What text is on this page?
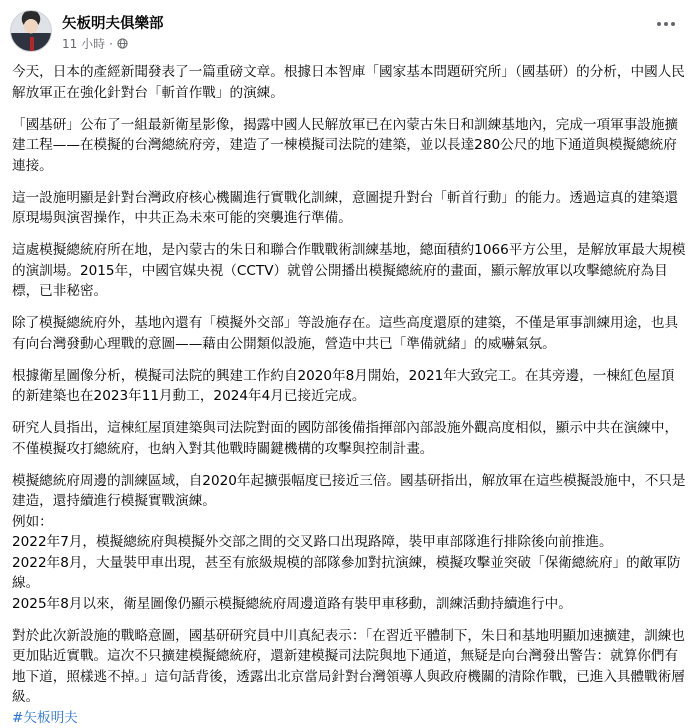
矢板明夫俱樂部
11 小時 ·

今天，日本的產經新聞發表了一篇重磅文章。根據日本智庫「國家基本問題研究所」（國基研）的分析，中國人民解放軍正在強化針對台「斬首作戰」的演練。

「國基研」公布了一組最新衛星影像，揭露中國人民解放軍已在內蒙古朱日和訓練基地內，完成一項軍事設施擴建工程——在模擬的台灣總統府旁，建造了一棟模擬司法院的建築，並以長達280公尺的地下通道與模擬總統府連接。

這一設施明顯是針對台灣政府核心機關進行實戰化訓練，意圖提升對台「斬首行動」的能力。透過這真的建築還原現場與演習操作，中共正為未來可能的突襲進行準備。

這處模擬總統府所在地，是內蒙古的朱日和聯合作戰戰術訓練基地，總面積約1066平方公里，是解放軍最大規模的演訓場。2015年，中國官媒央視（CCTV）就曾公開播出模擬總統府的畫面，顯示解放軍以攻擊總統府為目標，已非秘密。

除了模擬總統府外，基地內還有「模擬外交部」等設施存在。這些高度還原的建築，不僅是軍事訓練用途，也具有向台灣發動心理戰的意圖——藉由公開類似設施，營造中共已「準備就緒」的威嚇氣氛。

根據衛星圖像分析，模擬司法院的興建工作約自2020年8月開始，2021年大致完工。在其旁邊，一棟紅色屋頂的新建築也在2023年11月動工，2024年4月已接近完成。

研究人員指出，這棟紅屋頂建築與司法院對面的國防部後備指揮部內部設施外觀高度相似，顯示中共在演練中，不僅模擬攻打總統府，也納入對其他戰時關鍵機構的攻擊與控制計畫。

模擬總統府周邊的訓練區域，自2020年起擴張幅度已接近三倍。國基研指出，解放軍在這些模擬設施中，不只是建造，還持續進行模擬實戰演練。

例如：

2022年7月，模擬總統府與模擬外交部之間的交叉路口出現路障，裝甲車部隊進行排除後向前推進。

2022年8月，大量裝甲車出現，甚至有旅級規模的部隊參加對抗演練，模擬攻擊並突破「保衛總統府」的敵軍防線。

2025年8月以來，衛星圖像仍顯示模擬總統府周邊道路有裝甲車移動，訓練活動持續進行中。

對於此次新設施的戰略意圖，國基研研究員中川真紀表示：「在習近平體制下，朱日和基地明顯加速擴建，訓練也更加貼近實戰。這次不只擴建模擬總統府，還新建模擬司法院與地下通道，無疑是向台灣發出警告：就算你們有地下道，照樣逃不掉。」這句話背後，透露出北京當局針對台灣領導人與政府機關的清除作戰，已進入具體戰術層級。

#矢板明夫
